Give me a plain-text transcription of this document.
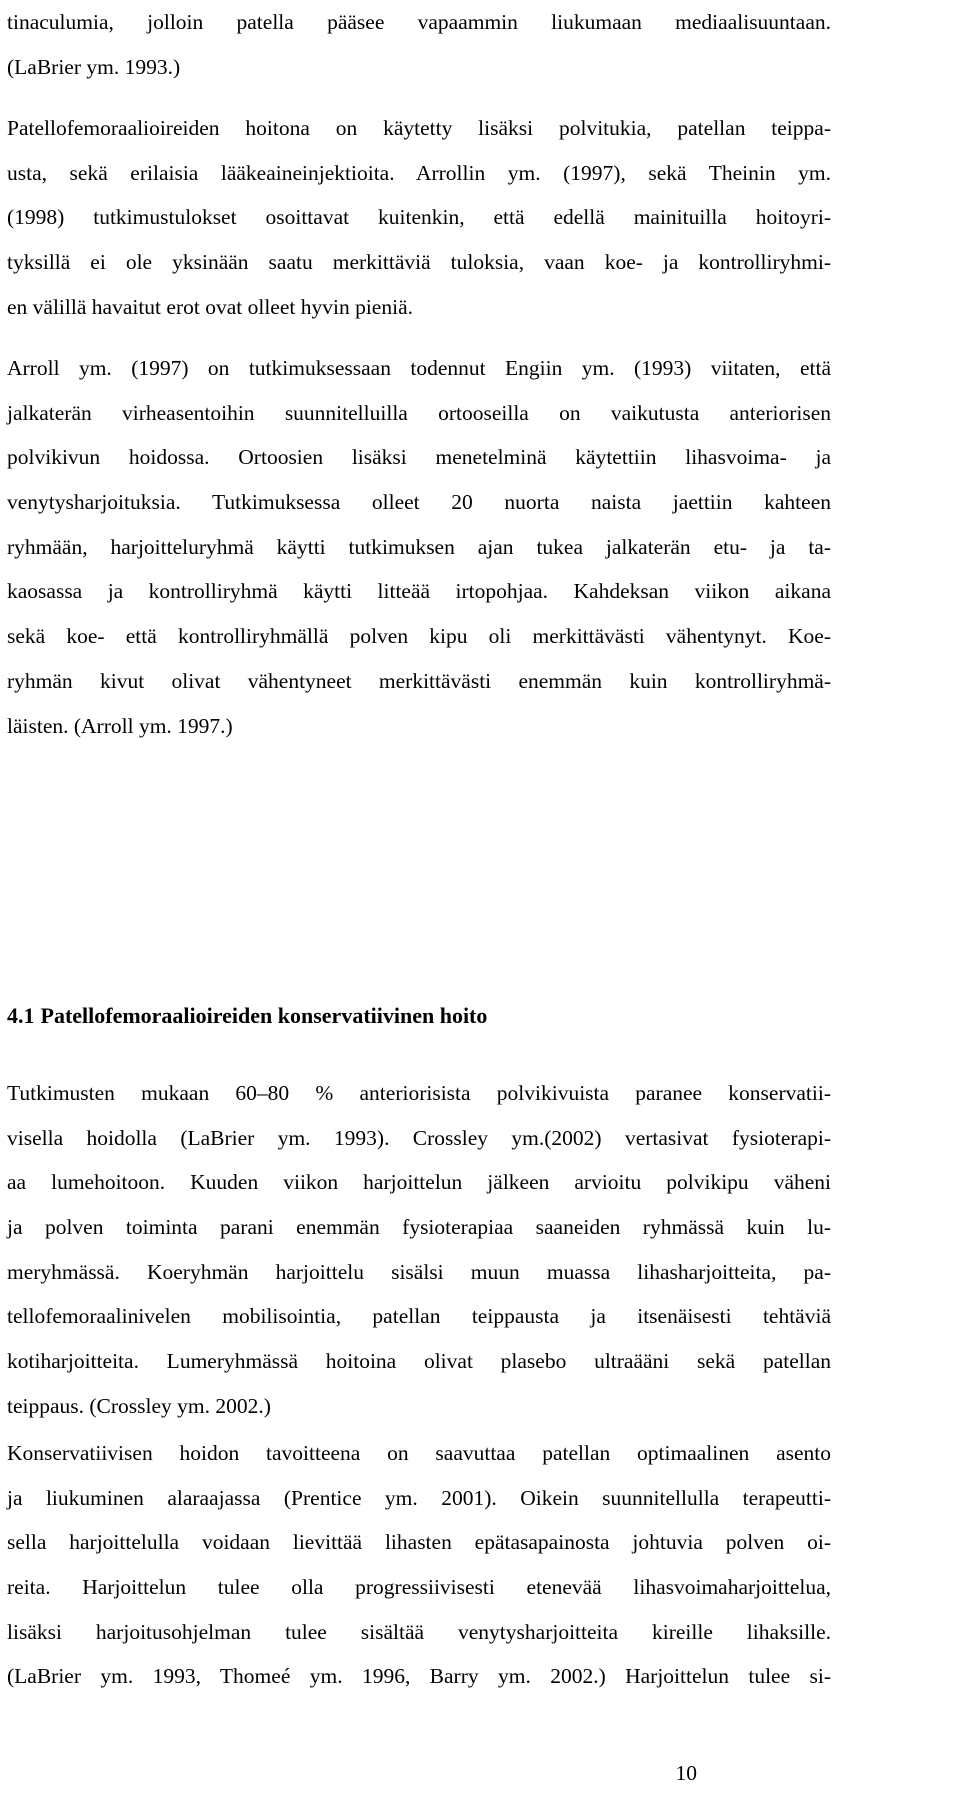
tinaculumia, jolloin patella pääsee vapaammin liukumaan mediaalisuuntaan.
(LaBrier ym. 1993.)
Patellofemoraalioireiden hoitona on käytetty lisäksi polvitukia, patellan teippa-
usta, sekä erilaisia lääkeaineinjektioita. Arrollin ym. (1997), sekä Theinin ym.
(1998) tutkimustulokset osoittavat kuitenkin, että edellä mainituilla hoitoyri-
tyksillä ei ole yksinään saatu merkittäviä tuloksia, vaan koe- ja kontrolliryhmi-
en välillä havaitut erot ovat olleet hyvin pieniä.
Arroll ym. (1997) on tutkimuksessaan todennut Engiin ym. (1993) viitaten, että
jalkaterän virheasentoihin suunnitelluilla ortooseilla on vaikutusta anteriorisen
polvikivun hoidossa. Ortoosien lisäksi menetelminä käytettiin lihasvoima- ja
venytysharjoituksia. Tutkimuksessa olleet 20 nuorta naista jaettiin kahteen
ryhmään, harjoitteluryhmä käytti tutkimuksen ajan tukea jalkaterän etu- ja ta-
kaosassa ja kontrolliryhmä käytti litteää irtopohjaa. Kahdeksan viikon aikana
sekä koe- että kontrolliryhmällä polven kipu oli merkittävästi vähentynyt. Koe-
ryhmän kivut olivat vähentyneet merkittävästi enemmän kuin kontrolliryhmä-
läisten. (Arroll ym. 1997.)
4.1 Patellofemoraalioireiden konservatiivinen hoito
Tutkimusten mukaan 60–80 % anteriorisista polvikivuista paranee konservatii-
visella hoidolla (LaBrier ym. 1993). Crossley ym.(2002) vertasivat fysioterapi-
aa lumehoitoon. Kuuden viikon harjoittelun jälkeen arvioitu polvikipu väheni
ja polven toiminta parani enemmän fysioterapiaa saaneiden ryhmässä kuin lu-
meryhmässä. Koeryhmän harjoittelu sisälsi muun muassa lihasharjoitteita, pa-
tellofemoraalinivelen mobilisointia, patellan teippausta ja itsenäisesti tehtäviä
kotiharjoitteita. Lumeryhmässä hoitoina olivat plasebo ultraääni sekä patellan
teippaus. (Crossley ym. 2002.)
Konservatiivisen hoidon tavoitteena on saavuttaa patellan optimaalinen asento
ja liukuminen alaraajassa (Prentice ym. 2001). Oikein suunnitellulla terapeutti-
sella harjoittelulla voidaan lievittää lihasten epätasapainosta johtuvia polven oi-
reita. Harjoittelun tulee olla progressiivisesti etenevää lihasvoimaharjoittelua,
lisäksi harjoitusohjelman tulee sisältää venytysharjoitteita kireille lihaksille.
(LaBrier ym. 1993, Thomeé ym. 1996, Barry ym. 2002.) Harjoittelun tulee si-
10
